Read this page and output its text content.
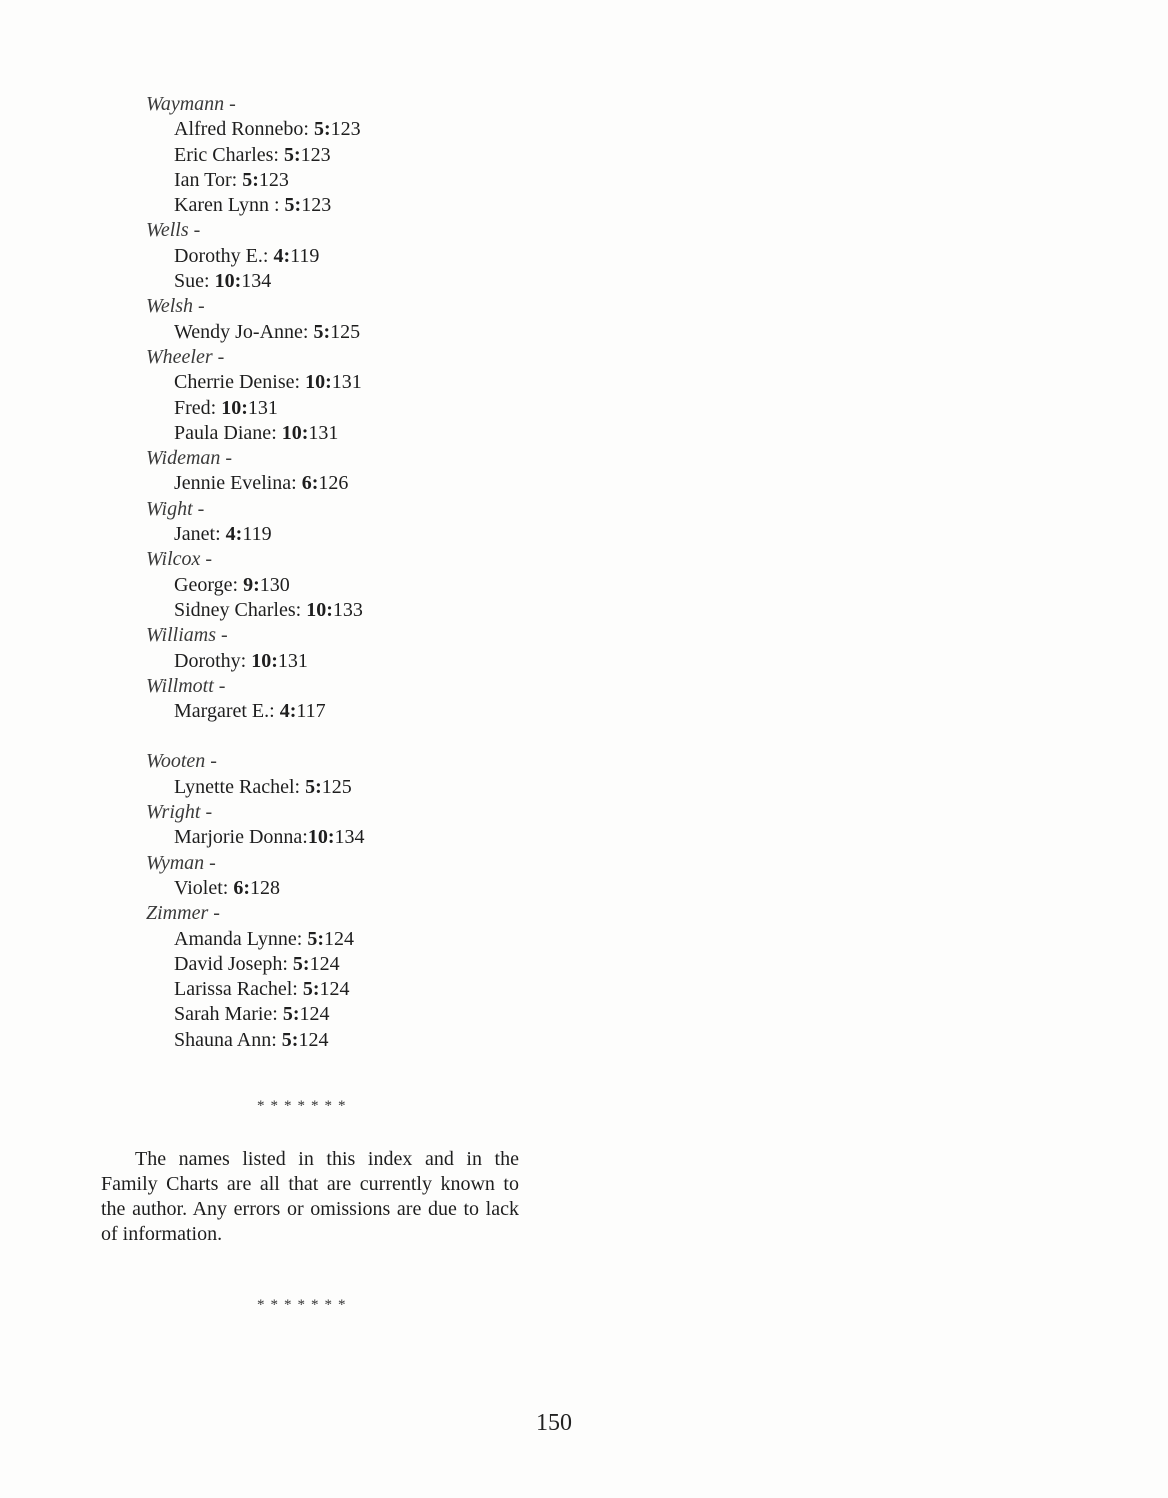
Waymann -
Alfred Ronnebo: 5:123
Eric Charles: 5:123
Ian Tor: 5:123
Karen Lynn : 5:123
Wells -
Dorothy E.: 4:119
Sue: 10:134
Welsh -
Wendy Jo-Anne: 5:125
Wheeler -
Cherrie Denise: 10:131
Fred: 10:131
Paula Diane: 10:131
Wideman -
Jennie Evelina: 6:126
Wight -
Janet: 4:119
Wilcox -
George: 9:130
Sidney Charles: 10:133
Williams -
Dorothy: 10:131
Willmott -
Margaret E.: 4:117
Wooten -
Lynette Rachel: 5:125
Wright -
Marjorie Donna:10:134
Wyman -
Violet: 6:128
Zimmer -
Amanda Lynne: 5:124
David Joseph: 5:124
Larissa Rachel: 5:124
Sarah Marie: 5:124
Shauna Ann: 5:124
*******

The names listed in this index and in the Family Charts are all that are currently known to the author. Any errors or omissions are due to lack of information.

*******
150
